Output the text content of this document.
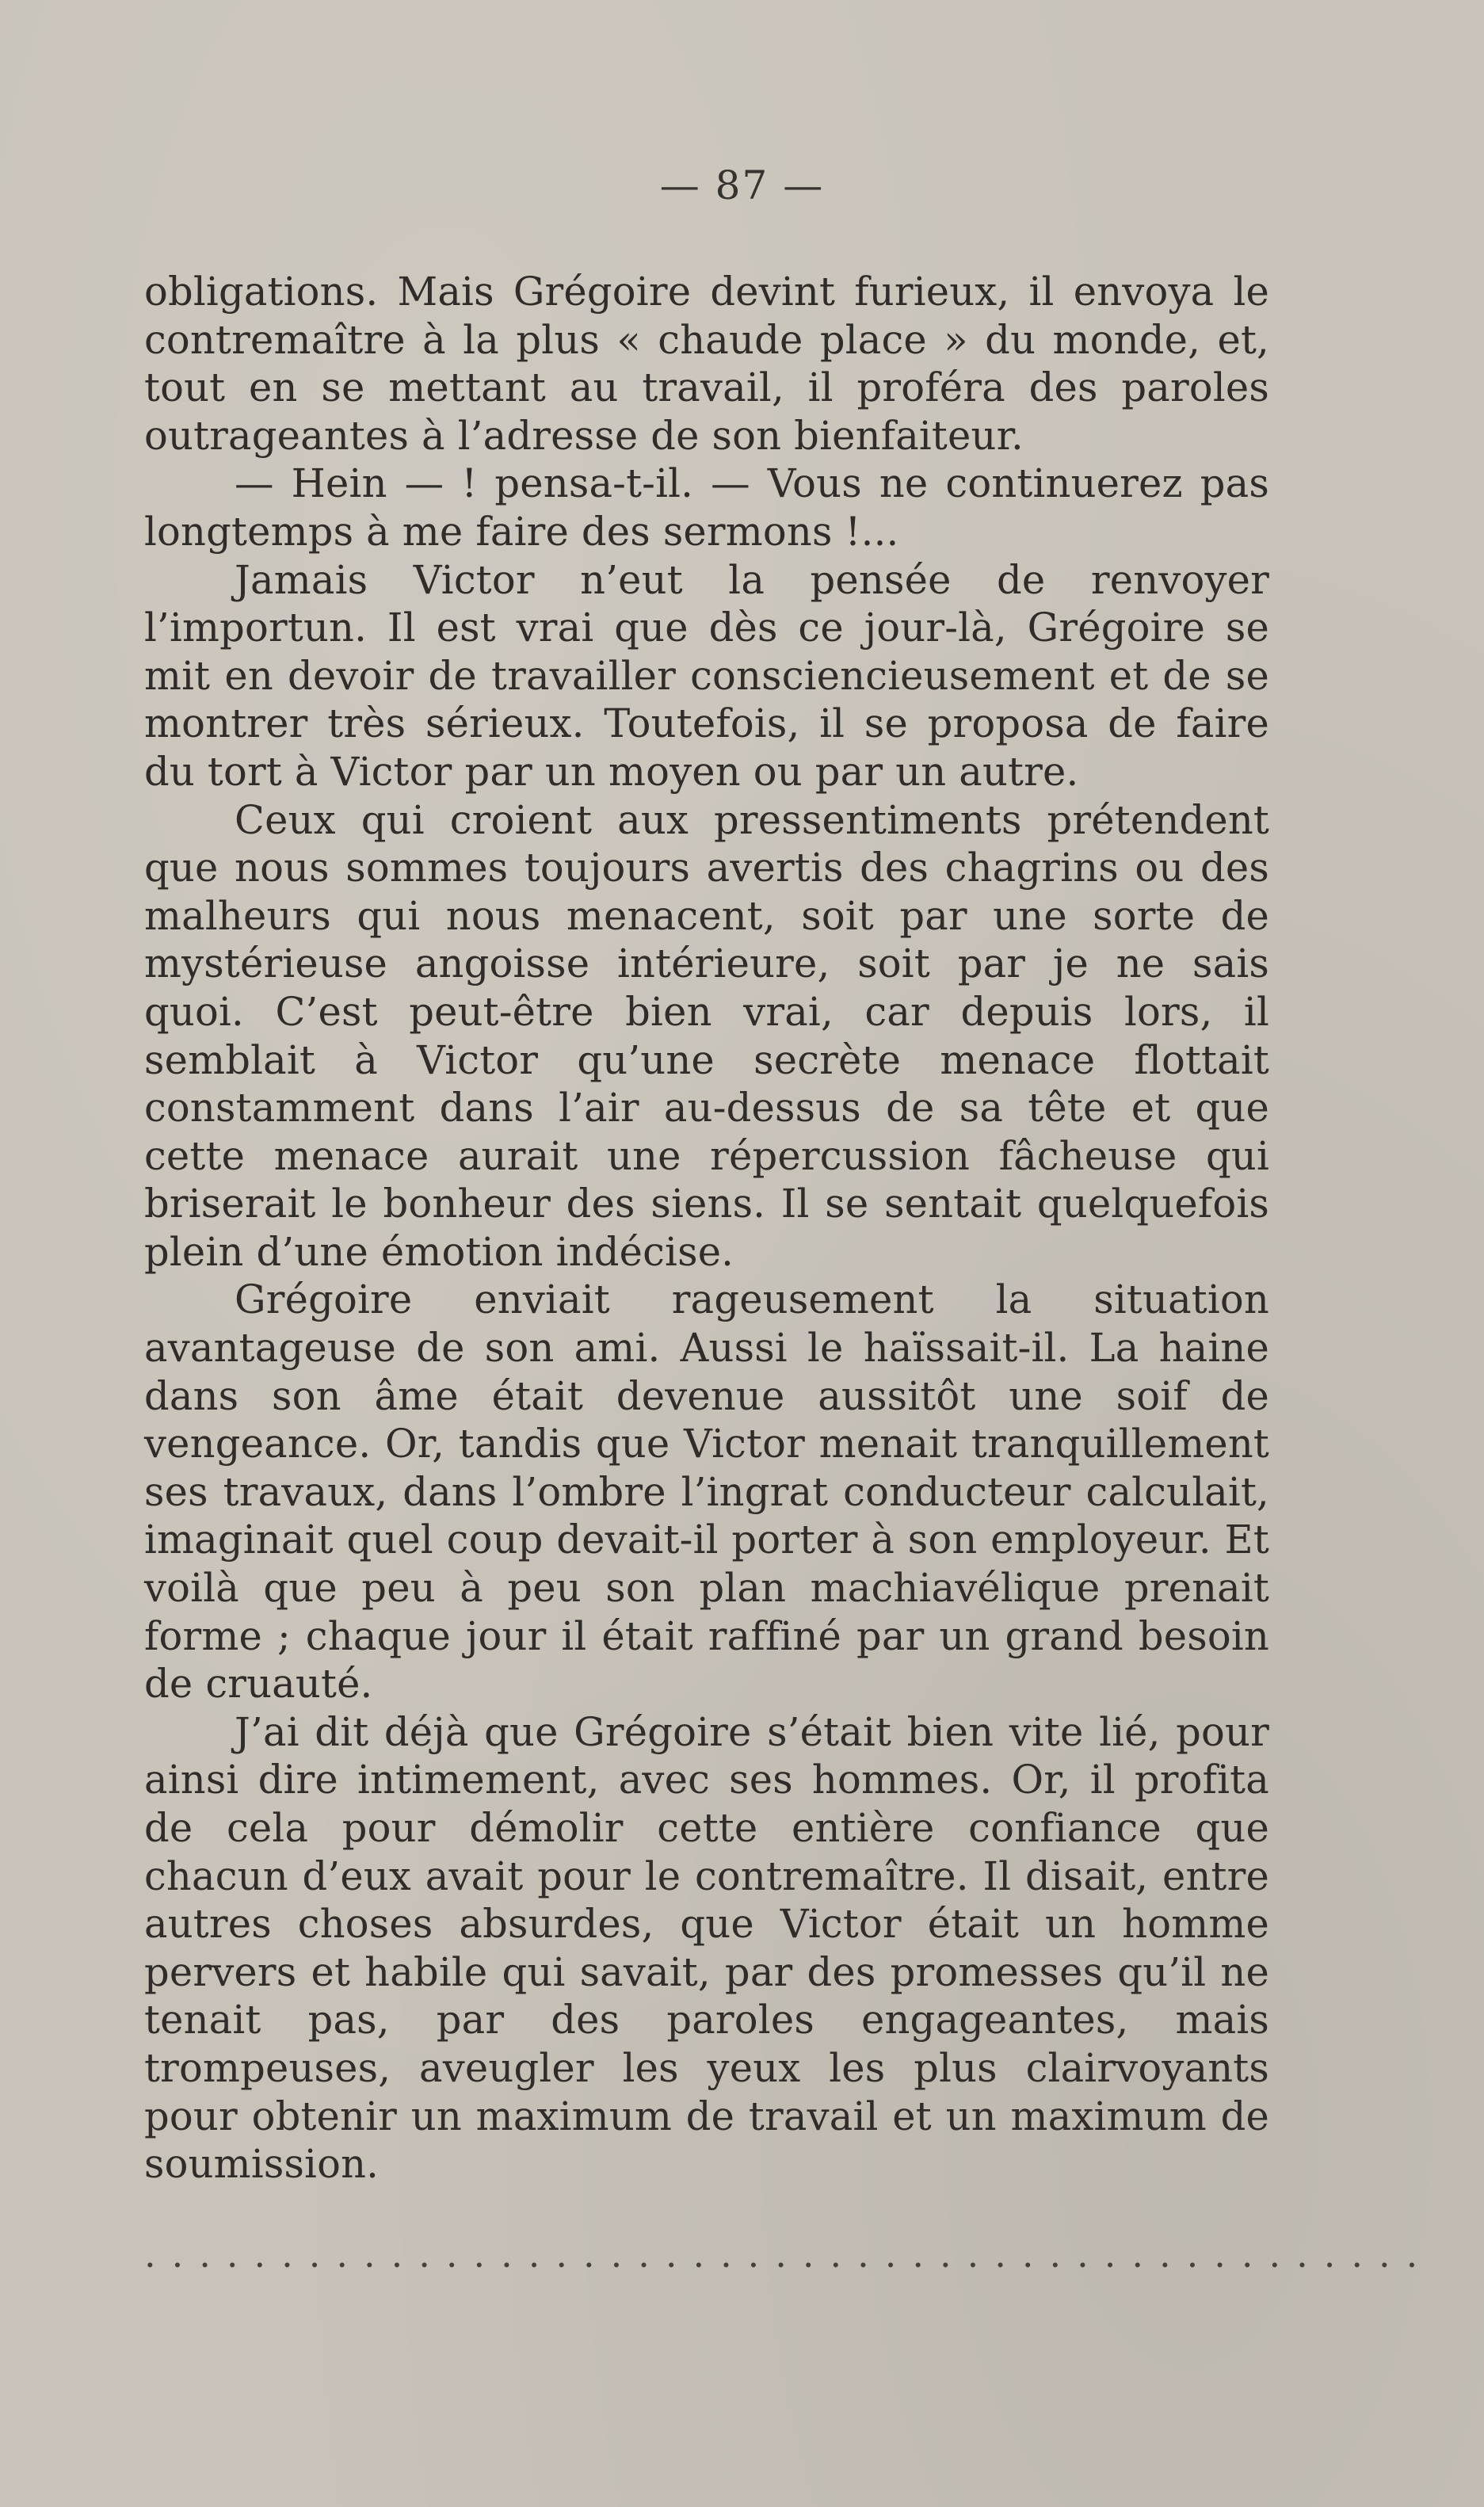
— 87 —

obligations. Mais Grégoire devint furieux, il envoya le contremaître à la plus « chaude place » du monde, et, tout en se mettant au travail, il proféra des paroles outrageantes à l’adresse de son bienfaiteur.

— Hein — ! pensa-t-il. — Vous ne continuerez pas longtemps à me faire des sermons !...

Jamais Victor n’eut la pensée de renvoyer l’importun. Il est vrai que dès ce jour-là, Grégoire se mit en devoir de travailler consciencieusement et de se montrer très sérieux. Toutefois, il se proposa de faire du tort à Victor par un moyen ou par un autre.

Ceux qui croient aux pressentiments prétendent que nous sommes toujours avertis des chagrins ou des malheurs qui nous menacent, soit par une sorte de mystérieuse angoisse intérieure, soit par je ne sais quoi. C’est peut-être bien vrai, car depuis lors, il semblait à Victor qu’une secrète menace flottait constamment dans l’air au-dessus de sa tête et que cette menace aurait une répercussion fâcheuse qui briserait le bonheur des siens. Il se sentait quelquefois plein d’une émotion indécise.

Grégoire enviait rageusement la situation avantageuse de son ami. Aussi le haïssait-il. La haine dans son âme était devenue aussitôt une soif de vengeance. Or, tandis que Victor menait tranquillement ses travaux, dans l’ombre l’ingrat conducteur calculait, imaginait quel coup devait-il porter à son employeur. Et voilà que peu à peu son plan machiavélique prenait forme ; chaque jour il était raffiné par un grand besoin de cruauté.

J’ai dit déjà que Grégoire s’était bien vite lié, pour ainsi dire intimement, avec ses hommes. Or, il profita de cela pour démolir cette entière confiance que chacun d’eux avait pour le contremaître. Il disait, entre autres choses absurdes, que Victor était un homme pervers et habile qui savait, par des promesses qu’il ne tenait pas, par des paroles engageantes, mais trompeuses, aveugler les yeux les plus clairvoyants pour obtenir un maximum de travail et un maximum de soumission.

...............................................
